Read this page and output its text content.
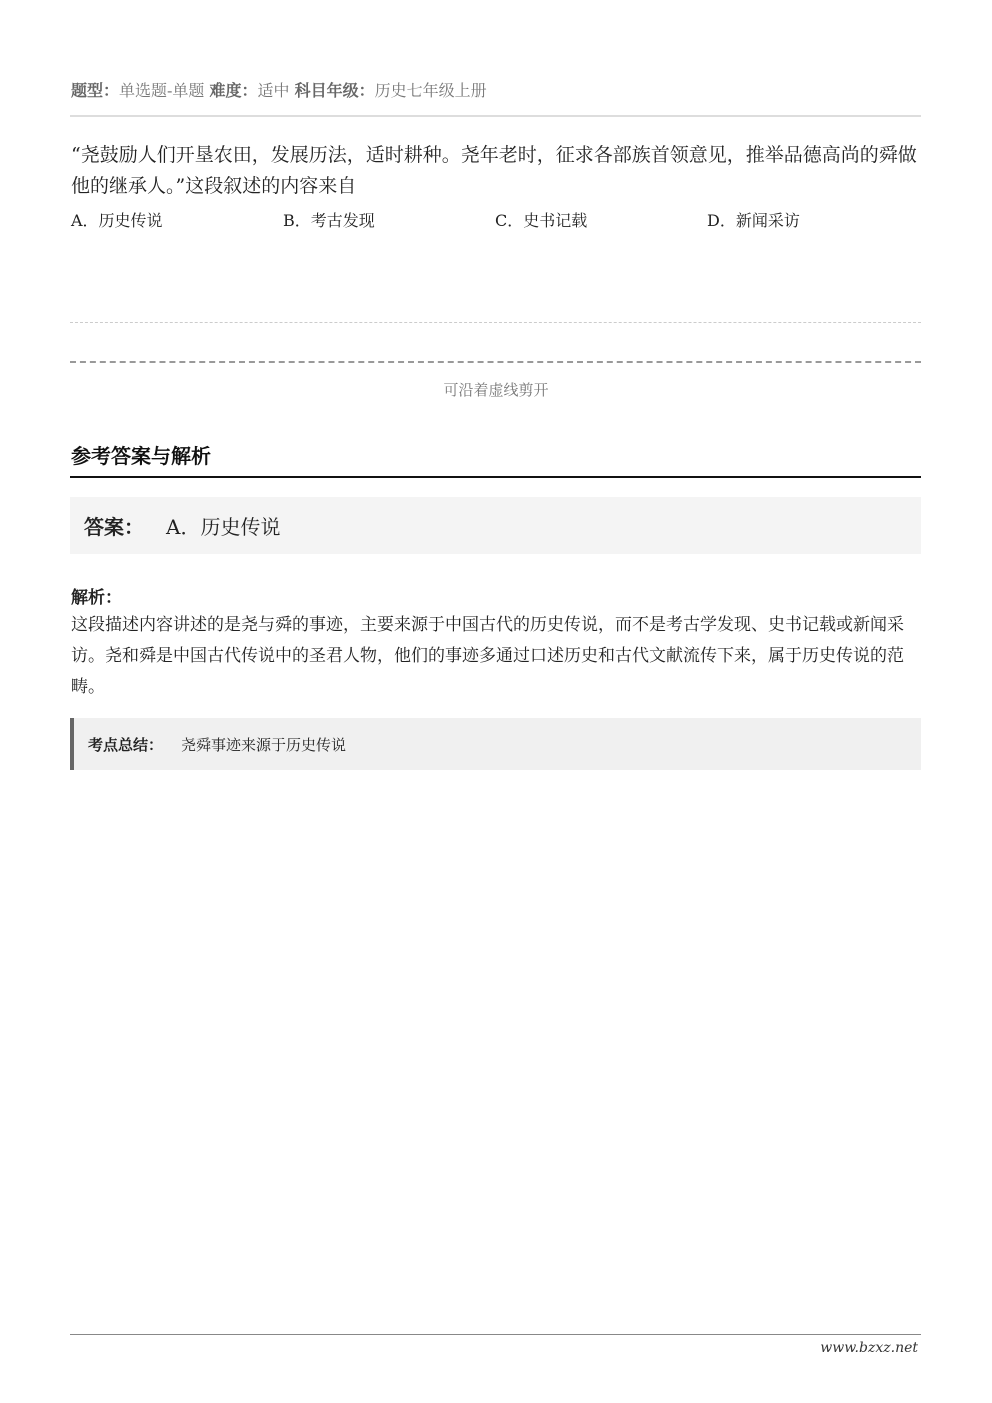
题型：单选题-单题 难度：适中 科目年级：历史七年级上册
“尧鼓励人们开垦农田，发展历法，适时耕种。尧年老时，征求各部族首领意见，推举品德高尚的舜做他的继承人。”这段叙述的内容来自
A．历史传说	B．考古发现	C．史书记载	D．新闻采访
可沿着虚线剪开
参考答案与解析
答案： A．历史传说
解析：
这段描述内容讲述的是尧与舜的事迹，主要来源于中国古代的历史传说，而不是考古学发现、史书记载或新闻采访。尧和舜是中国古代传说中的圣君人物，他们的事迹多通过口述历史和古代文献流传下来，属于历史传说的范畴。
考点总结： 尧舜事迹来源于历史传说
www.bzxz.net
